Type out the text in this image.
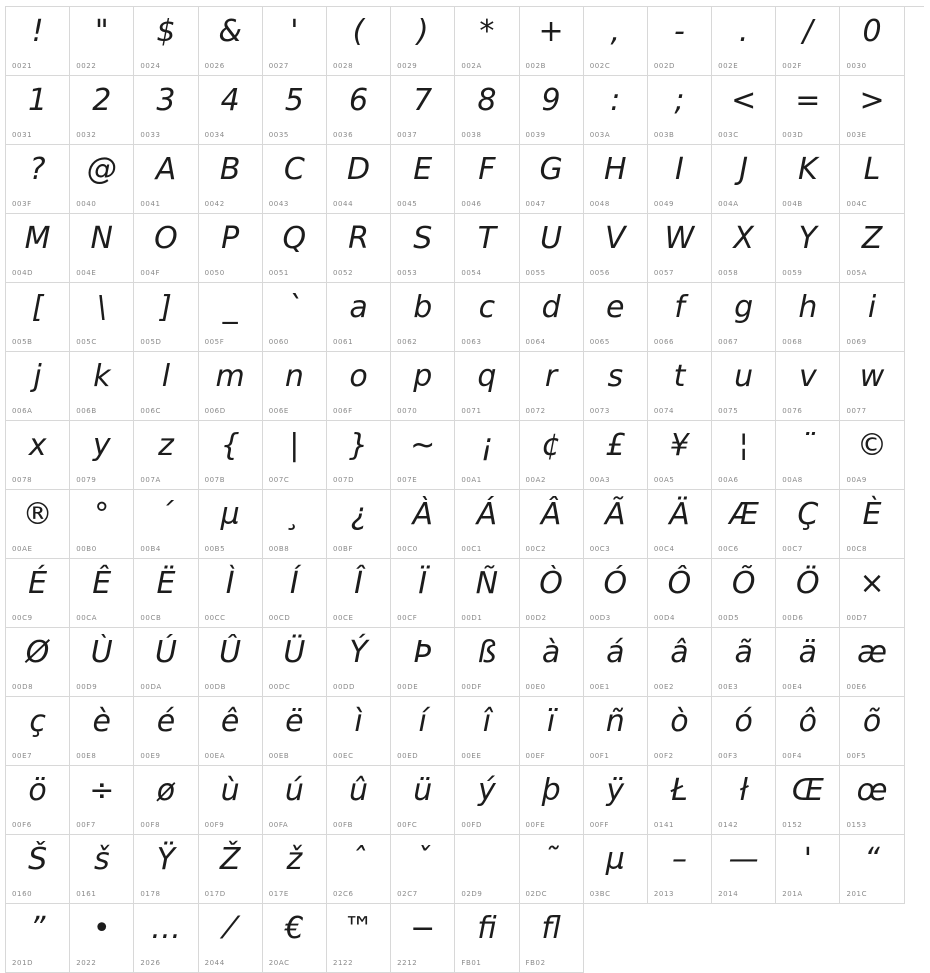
!
0021
"
0022
$
0024
&
0026
'
0027
(
0028
)
0029
*
002A
+
002B
,
002C
-
002D
.
002E
/
002F
0
0030
1
0031
2
0032
3
0033
4
0034
5
0035
6
0036
7
0037
8
0038
9
0039
:
003A
;
003B
<
003C
=
003D
>
003E
?
003F
@
0040
A
0041
B
0042
C
0043
D
0044
E
0045
F
0046
G
0047
H
0048
I
0049
J
004A
K
004B
L
004C
M
004D
N
004E
O
004F
P
0050
Q
0051
R
0052
S
0053
T
0054
U
0055
V
0056
W
0057
X
0058
Y
0059
Z
005A
[
005B
\
005C
]
005D
_
005F
`
0060
a
0061
b
0062
c
0063
d
0064
e
0065
f
0066
g
0067
h
0068
i
0069
j
006A
k
006B
l
006C
m
006D
n
006E
o
006F
p
0070
q
0071
r
0072
s
0073
t
0074
u
0075
v
0076
w
0077
x
0078
y
0079
z
007A
{
007B
|
007C
}
007D
~
007E
¡
00A1
¢
00A2
£
00A3
¥
00A5
¦
00A6
¨
00A8
©
00A9
®
00AE
°
00B0
´
00B4
µ
00B5
¸
00B8
¿
00BF
À
00C0
Á
00C1
Â
00C2
Ã
00C3
Ä
00C4
Æ
00C6
Ç
00C7
È
00C8
É
00C9
Ê
00CA
Ë
00CB
Ì
00CC
Í
00CD
Î
00CE
Ï
00CF
Ñ
00D1
Ò
00D2
Ó
00D3
Ô
00D4
Õ
00D5
Ö
00D6
×
00D7
Ø
00D8
Ù
00D9
Ú
00DA
Û
00DB
Ü
00DC
Ý
00DD
Þ
00DE
ß
00DF
à
00E0
á
00E1
â
00E2
ã
00E3
ä
00E4
æ
00E6
ç
00E7
è
00E8
é
00E9
ê
00EA
ë
00EB
ì
00EC
í
00ED
î
00EE
ï
00EF
ñ
00F1
ò
00F2
ó
00F3
ô
00F4
õ
00F5
ö
00F6
÷
00F7
ø
00F8
ù
00F9
ú
00FA
û
00FB
ü
00FC
ý
00FD
þ
00FE
ÿ
00FF
Ł
0141
ł
0142
Œ
0152
œ
0153
Š
0160
š
0161
Ÿ
0178
Ž
017D
ž
017E
ˆ
02C6
ˇ
02C7	02D9
˜
02DC
µ
03BC
–
2013
—
2014
'
201A
“
201C
”
201D
•
2022
…
2026
⁄
2044
€
20AC
™
2122
−
2212
ﬁ
FB01
ﬂ
FB02
